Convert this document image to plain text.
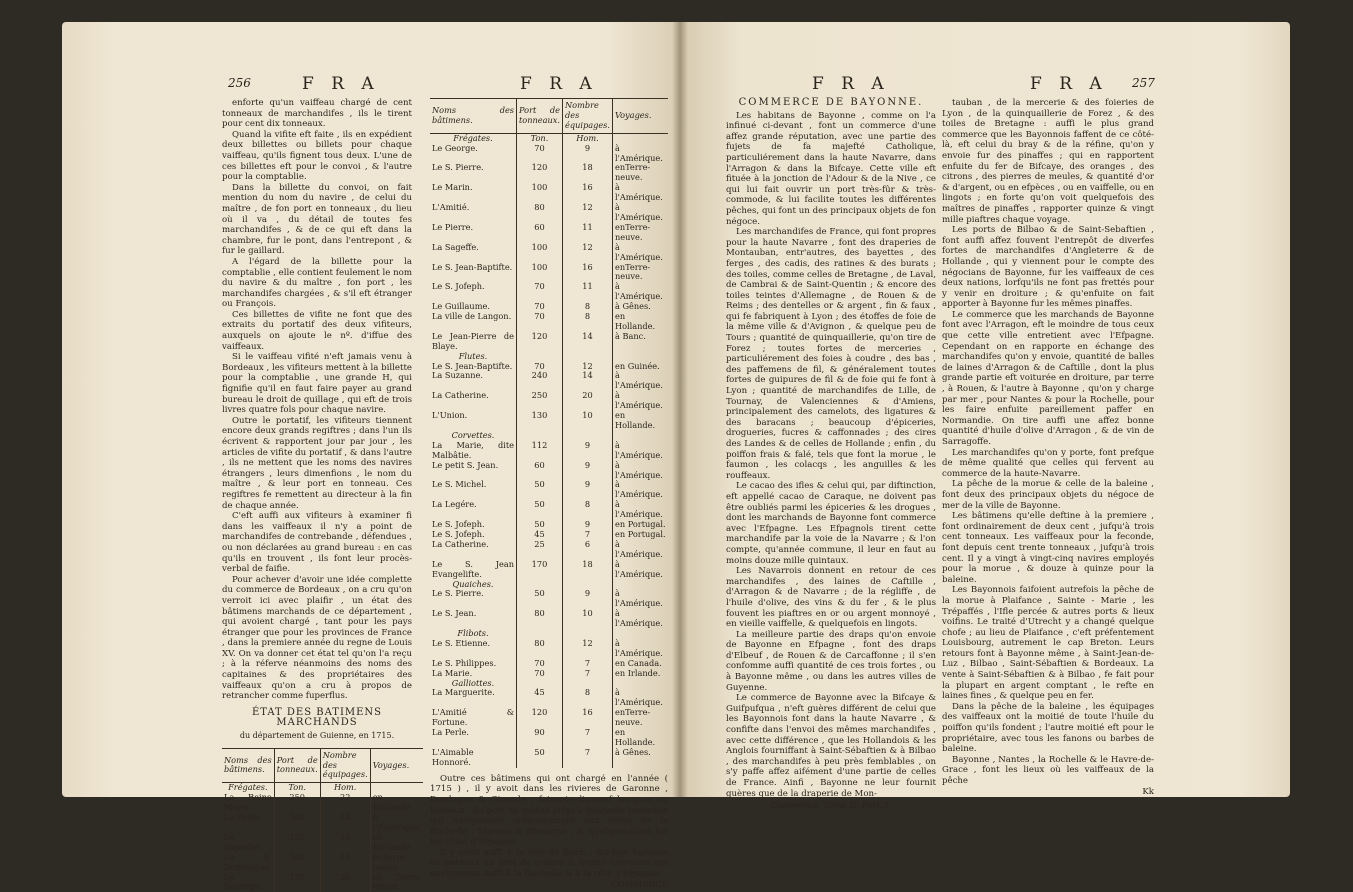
256	F R A	F R A

enforte qu'un vaiffeau chargé de cent tonneaux de marchandifes , ils le tirent pour cent dix tonneaux.

Quand la vifite eft faite , ils en expédient deux billettes ou billets pour chaque vaiffeau, qu'ils fignent tous deux. L'une de ces billettes eft pour le convoi , & l'autre pour la comptablie.

Dans la billette du convoi, on fait mention du nom du navire , de celui du maître , de fon port en tonneaux , du lieu où il va , du détail de toutes fes marchandifes , & de ce qui eft dans la chambre, fur le pont, dans l'entrepont , & fur le gaillard.

A l'égard de la billette pour la comptablie , elle contient feulement le nom du navire & du maître , fon port , les marchandifes chargées , & s'il eft étranger ou François.

Ces billettes de vifite ne font que des extraits du portatif des deux vifiteurs, auxquels on ajoute le nº. d'iffue des vaiffeaux.

Si le vaiffeau vifité n'eft jamais venu à Bordeaux , les vifiteurs mettent à la billette pour la comptablie , une grande H, qui fignifie qu'il en faut faire payer au grand bureau le droit de quillage , qui eft de trois livres quatre fols pour chaque navire.

Outre le portatif, les vifiteurs tiennent encore deux grands regiftres ; dans l'un ils écrivent & rapportent jour par jour , les articles de vifite du portatif , & dans l'autre , ils ne mettent que les noms des navires étrangers , leurs dimenfions , le nom du maître , & leur port en tonneau. Ces regiftres fe remettent au directeur à la fin de chaque année.

C'eft auffi aux vifiteurs à examiner fi dans les vaiffeaux il n'y a point de marchandifes de contrebande , défendues , ou non déclarées au grand bureau : en cas qu'ils en trouvent , ils font leur procès-verbal de faifie.

Pour achever d'avoir une idée complette du commerce de Bordeaux , on a cru qu'on verroit ici avec plaifir , un état des bâtimens marchands de ce département , qui avoient chargé , tant pour les pays étranger que pour les provinces de France , dans la premiere année du regne de Louis XV. On va donner cet état tel qu'on l'a reçu ; à la réferve néanmoins des noms des capitaines & des propriétaires des vaiffeaux qu'on a cru à propos de retrancher comme fuperflus.

ÉTAT DES BATIMENS MARCHANDS
du département de Guienne, en 1715.
Noms des bâtimens.	Port de tonneaux.	Nombre des équipages.	Voyages.
Frégates.	Ton.	Hom.	
La Reine Marie.	250	22	en Hollande.
La Perle.	100	14	à l'Amérique,
Le Superbe.	150	10	en Hollande.
Le S. Dominique.	100	11	enTerre-neuve.
Le Sauvage.	130	30	en Terre-neuve.
Noms des bâtimens.	Port de tonneaux.	Nombre des équipages.	Voyages.
Frégates.	Ton.	Hom.	
Le George.	70	9	à l'Amérique.
Le S. Pierre.	120	18	enTerre-neuve.
Le Marin.	100	16	à l'Amérique.
L'Amitié.	80	12	à l'Amérique.
Le Pierre.	60	11	enTerre-neuve.
La Sageffe.	100	12	à l'Amérique.
Le S. Jean-Baptifte.	100	16	enTerre-neuve.
Le S. Jofeph.	70	11	à l'Amérique.
Le Guillaume.	70	8	à Gênes.
La ville de Langon.	70	8	en Hollande.
Le Jean-Pierre de Blaye.	120	14	à Banc.
Flutes.			
Le S. Jean-Baptifte.	70	12	en Guinée.
La Suzanne.	240	14	à l'Amérique.
La Catherine.	250	20	à l'Amérique.
L'Union.	130	10	en Hollande.
Corvettes.			
La Marie, dite Malbâtie.	112	9	à l'Amérique.
Le petit S. Jean.	60	9	à l'Amérique.
Le S. Michel.	50	9	à l'Amérique.
La Legére.	50	8	à l'Amérique.
Le S. Jofeph.	50	9	en Portugal.
Le S. Jofeph.	45	7	en Portugal.
La Catherine.	25	6	à l'Amérique.
Le S. Jean Evangelifte.	170	18	à l'Amérique.
Quaiches.			
Le S. Pierre.	50	9	à l'Amérique.
Le S. Jean.	80	10	à l'Amérique.
Flibots.			
Le S. Etienne.	80	12	à l'Amérique.
Le S. Philippes.	70	7	en Canada.
La Marie.	70	7	en Irlande.
Galliottes.			
La Marguerite.	45	8	à l'Amérique.
L'Amitié & Fortune.	120	16	enTerre-neuve.
La Perle.	90	7	en Hollande.
L'Aimable Honnoré.	50	7	à Gênes.

Outre ces bâtimens qui ont chargé en l'année ( 1715 ) , il y avoit dans les rivieres de Garonne , Dordogne & Gironde , foixante-dix-neuf barques ou bateaux , du port de quinze jufqu'à quarante tonneaux qui navigeoient ordinairement aux côtes de la Rochelle , Marans & Bretagne , & quelques-unes fur les côtes d'Efpagne.

Il y avoit auffi à la tête de Buch , dix-fept barques ou bateaux du port de quinze & trente tonneaux qui navigeoient auffi à la Rochelle & à la côte d'Efpagne.

COMMERCE
F R A	F R A 257
COMMERCE DE BAYONNE.

Les habitans de Bayonne , comme on l'a infinué ci-devant , font un commerce d'une affez grande réputation, avec une partie des fujets de fa majefté Catholique, particuliérement dans la haute Navarre, dans l'Arragon & dans la Bifcaye. Cette ville eft fituée à la jonction de l'Adour & de la Nive , ce qui lui fait ouvrir un port très-fûr & très-commode, & lui facilite toutes les différentes pêches, qui font un des principaux objets de fon négoce.

Les marchandifes de France, qui font propres pour la haute Navarre , font des draperies de Montauban, entr'autres, des bayettes , des ferges , des cadis, des ratines & des burats ; des toiles, comme celles de Bretagne , de Laval, de Cambrai & de Saint-Quentin ; & encore des toiles teintes d'Allemagne , de Rouen & de Reims ; des dentelles or & argent , fin & faux , qui fe fabriquent à Lyon ; des étoffes de foie de la même ville & d'Avignon , & quelque peu de Tours ; quantité de quinquaillerie, qu'on tire de Forez ; toutes fortes de merceries , particuliérement des foies à coudre , des bas , des paffemens de fil, & généralement toutes fortes de guipures de fil & de foie qui fe font à Lyon ; quantité de marchandifes de Lille, de Tournay, de Valenciennes & d'Amiens, principalement des camelots, des ligatures & des baracans ; beaucoup d'épiceries, drogueries, fucres & caffonnades ; des cires des Landes & de celles de Hollande ; enfin , du poiffon frais & falé, tels que font la morue , le faumon , les colacqs , les anguilles & les rouffeaux.

Le cacao des ifles & celui qui, par diftinction, eft appellé cacao de Caraque, ne doivent pas être oubliés parmi les épiceries & les drogues , dont les marchands de Bayonne font commerce avec l'Efpagne. Les Efpagnols tirent cette marchandife par la voie de la Navarre ; & l'on compte, qu'année commune, il leur en faut au moins douze mille quintaux.

Les Navarrois donnent en retour de ces marchandifes , des laines de Caftille , d'Arragon & de Navarre ; de la régliffe , de l'huile d'olive, des vins & du fer , & le plus fouvent les piaftres en or ou argent monnoyé , en vieille vaiffelle, & quelquefois en lingots.

La meilleure partie des draps qu'on envoie de Bayonne en Efpagne , font des draps d'Elbeuf , de Rouen & de Carcaffonne ; il s'en confomme auffi quantité de ces trois fortes , ou à Bayonne même , ou dans les autres villes de Guyenne.

Le commerce de Bayonne avec la Bifcaye & Guifpufqua , n'eft guères différent de celui que les Bayonnois font dans la haute Navarre , & confifte dans l'envoi des mêmes marchandifes , avec cette différence , que les Hollandois & les Anglois fourniffant à Saint-Sébaftien & à Bilbao , des marchandifes à peu près femblables , on s'y paffe affez aifément d'une partie de celles de France. Ainfi , Bayonne ne leur fournit guères que de la draperie de Mon-

Commerce. Tome II. Part. I.

tauban , de la mercerie & des foieries de Lyon , de la quinquaillerie de Forez , & des toiles de Bretagne : auffi le plus grand commerce que les Bayonnois faffent de ce côté-là, eft celui du bray & de la réfine, qu'on y envoie fur des pinaffes ; qui en rapportent enfuite du fer de Bifcaye, des oranges , des citrons , des pierres de meules, & quantité d'or & d'argent, ou en efpèces , ou en vaiffelle, ou en lingots ; en forte qu'on voit quelquefois des maîtres de pinaffes , rapporter quinze & vingt mille piaftres chaque voyage.

Les ports de Bilbao & de Saint-Sebaftien , font auffi affez fouvent l'entrepôt de diverfes fortes de marchandifes d'Angleterre & de Hollande , qui y viennent pour le compte des négocians de Bayonne, fur les vaiffeaux de ces deux nations, lorfqu'ils ne font pas frettés pour y venir en droiture ; & qu'enfuite on fait apporter à Bayonne fur les mêmes pinaffes.

Le commerce que les marchands de Bayonne font avec l'Arragon, eft le moindre de tous ceux que cette ville entretient avec l'Efpagne. Cependant on en rapporte en échange des marchandifes qu'on y envoie, quantité de balles de laines d'Arragon & de Caftille , dont la plus grande partie eft voiturée en droiture, par terre , à Rouen, & l'autre à Bayonne , qu'on y charge par mer , pour Nantes & pour la Rochelle, pour les faire enfuite pareillement paffer en Normandie. On tire auffi une affez bonne quantité d'huile d'olive d'Arragon , & de vin de Sarragoffe.

Les marchandifes qu'on y porte, font prefque de même qualité que celles qui fervent au commerce de la haute-Navarre.

La pêche de la morue & celle de la baleine , font deux des principaux objets du négoce de mer de la ville de Bayonne.

Les bâtimens qu'elle deftine à la premiere , font ordinairement de deux cent , jufqu'à trois cent tonneaux. Les vaiffeaux pour la feconde, font depuis cent trente tonneaux , jufqu'à trois cent. Il y a vingt à vingt-cinq navires employés pour la morue , & douze à quinze pour la baleine.

Les Bayonnois faifoient autrefois la pêche de la morue à Plaifance , Sainte - Marie , les Trépaffés , l'Ifle percée & autres ports & lieux voifins. Le traité d'Utrecht y a changé quelque chofe ; au lieu de Plaifance , c'eft préfentement Louisbourg, autrement le cap Breton. Leurs retours font à Bayonne même , à Saint-Jean-de-Luz , Bilbao , Saint-Sébaftien & Bordeaux. La vente à Saint-Sébaftien & à Bilbao , fe fait pour la plupart en argent comptant , le refte en laines fines , & quelque peu en fer.

Dans la pêche de la baleine , les équipages des vaiffeaux ont la moitié de toute l'huile du poiffon qu'ils fondent ; l'autre moitié eft pour le propriétaire, avec tous les fanons ou barbes de baleine.

Bayonne , Nantes , la Rochelle & le Havre-de-Grace , font les lieux où les vaiffeaux de la pêche

Kk
